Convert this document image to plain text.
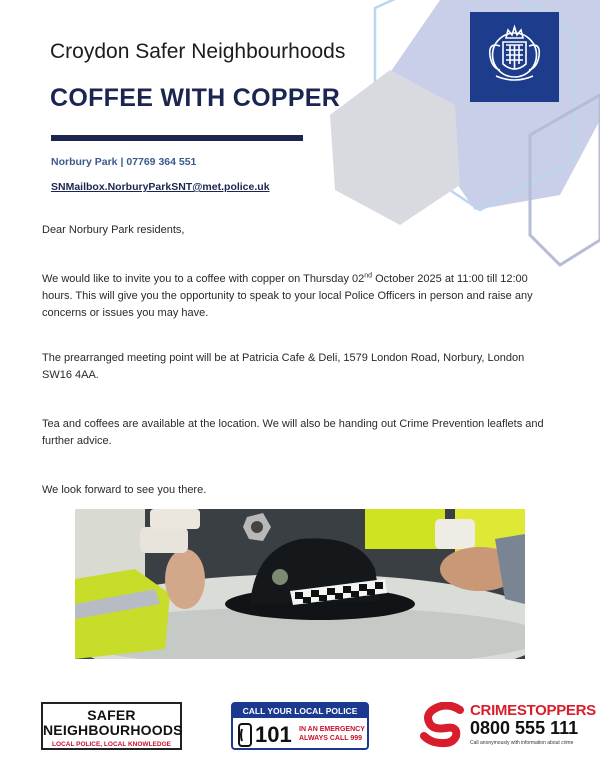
Croydon Safer Neighbourhoods
COFFEE WITH COPPER
Norbury Park | 07769 364 551
SNMailbox.NorburyParkSNT@met.police.uk
Dear Norbury Park residents,
We would like to invite you to a coffee with copper on Thursday 02nd October 2025 at 11:00 till 12:00 hours. This will give you the opportunity to speak to your local Police Officers in person and raise any concerns or issues you may have.
The prearranged meeting point will be at Patricia Cafe & Deli, 1579 London Road, Norbury, London SW16 4AA.
Tea and coffees are available at the location. We will also be handing out Crime Prevention leaflets and further advice.
We look forward to see you there.
SAFER
NEIGHBOURHOODS
LOCAL POLICE, LOCAL KNOWLEDGE
CALL YOUR LOCAL POLICE
101 IN AN EMERGENCY
ALWAYS CALL 999
CRIMESTOPPERS
0800 555 111
Call anonymously with information about crime
